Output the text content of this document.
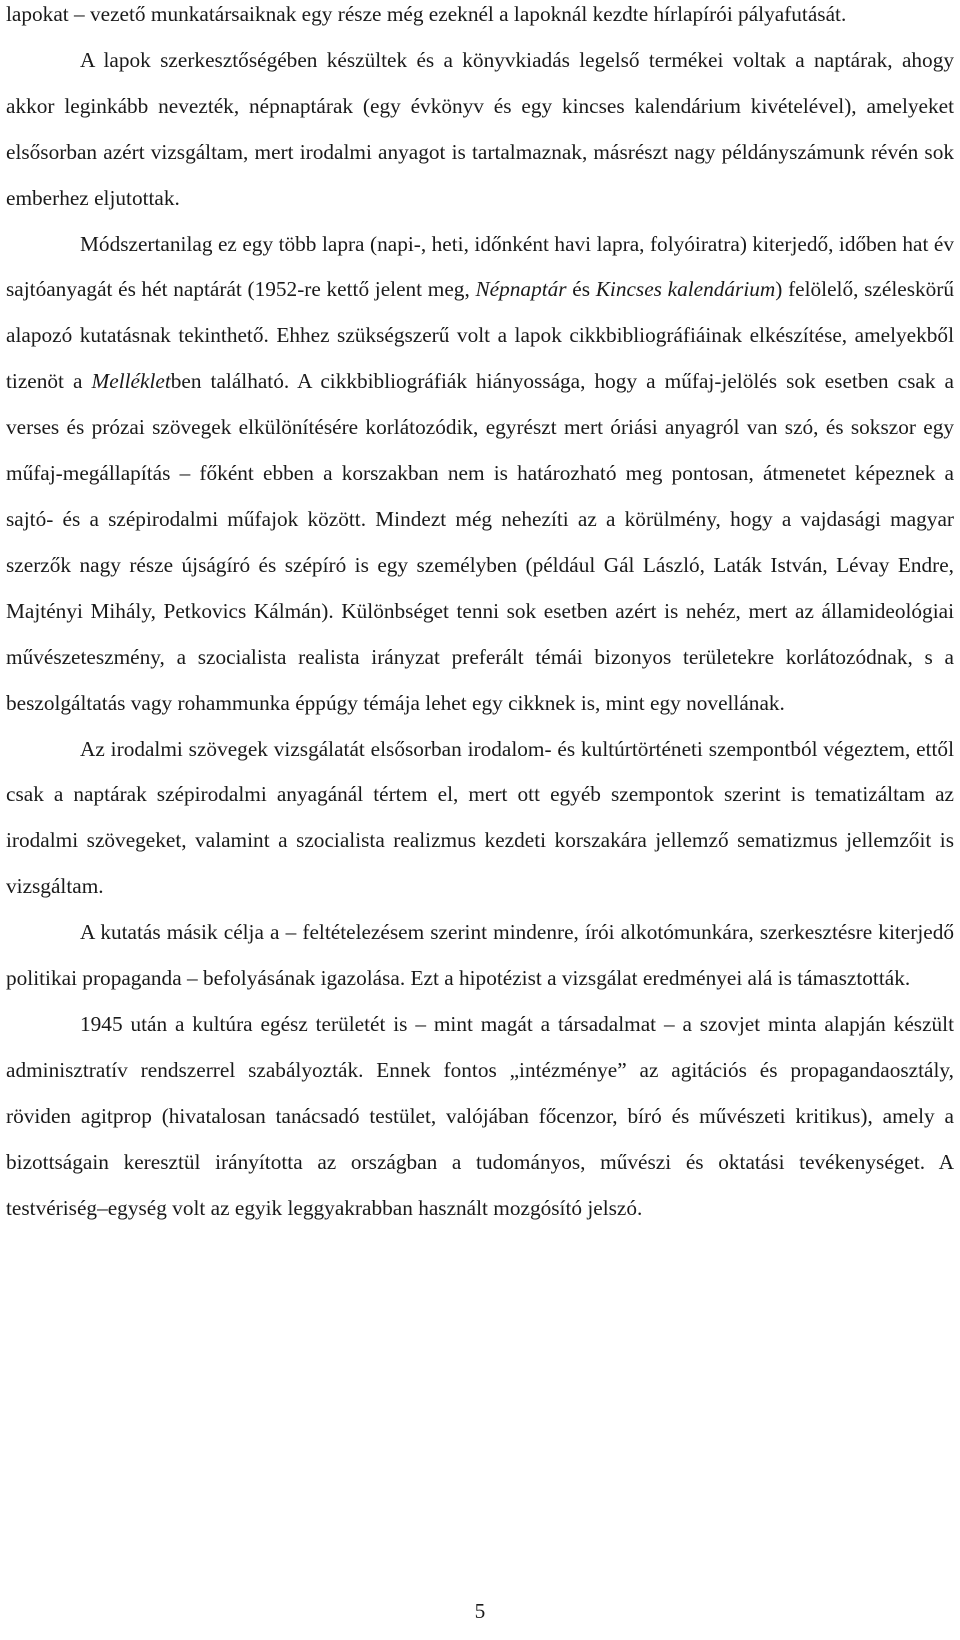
lapokat – vezető munkatársaiknak egy része még ezeknél a lapoknál kezdte hírlapírói pályafutását.

A lapok szerkesztőségében készültek és a könyvkiadás legelső termékei voltak a naptárak, ahogy akkor leginkább nevezték, népnaptárak (egy évkönyv és egy kincses kalendárium kivételével), amelyeket elsősorban azért vizsgáltam, mert irodalmi anyagot is tartalmaznak, másrészt nagy példányszámunk révén sok emberhez eljutottak.

Módszertanilag ez egy több lapra (napi-, heti, időnként havi lapra, folyóiratra) kiterjedő, időben hat év sajtóanyagát és hét naptárát (1952-re kettő jelent meg, Népnaptár és Kincses kalendárium) felölelő, széleskörű alapozó kutatásnak tekinthető. Ehhez szükségszerű volt a lapok cikkbibliográfiáinak elkészítése, amelyekből tizenöt a Mellékletben található. A cikkbibliográfiák hiányossága, hogy a műfaj-jelölés sok esetben csak a verses és prózai szövegek elkülönítésére korlátozódik, egyrészt mert óriási anyagról van szó, és sokszor egy műfaj-megállapítás – főként ebben a korszakban nem is határozható meg pontosan, átmenetet képeznek a sajtó- és a szépirodalmi műfajok között. Mindezt még nehezíti az a körülmény, hogy a vajdasági magyar szerzők nagy része újságíró és szépíró is egy személyben (például Gál László, Laták István, Lévay Endre, Majtényi Mihály, Petkovics Kálmán). Különbséget tenni sok esetben azért is nehéz, mert az államideológiai művészeteszmény, a szocialista realista irányzat preferált témái bizonyos területekre korlátozódnak, s a beszolgáltatás vagy rohammunka éppúgy témája lehet egy cikknek is, mint egy novellának.

Az irodalmi szövegek vizsgálatát elsősorban irodalom- és kultúrtörténeti szempontból végeztem, ettől csak a naptárak szépirodalmi anyagánál tértem el, mert ott egyéb szempontok szerint is tematizáltam az irodalmi szövegeket, valamint a szocialista realizmus kezdeti korszakára jellemző sematizmus jellemzőit is vizsgáltam.

A kutatás másik célja a – feltételezésem szerint mindenre, írói alkotómunkára, szerkesztésre kiterjedő politikai propaganda – befolyásának igazolása. Ezt a hipotézist a vizsgálat eredményei alá is támasztották.

1945 után a kultúra egész területét is – mint magát a társadalmat – a szovjet minta alapján készült adminisztratív rendszerrel szabályozták. Ennek fontos „intézménye” az agitációs és propagandaosztály, röviden agitprop (hivatalosan tanácsadó testület, valójában főcenzor, bíró és művészeti kritikus), amely a bizottságain keresztül irányította az országban a tudományos, művészi és oktatási tevékenységet. A testvériség–egység volt az egyik leggyakrabban használt mozgósító jelszó.

5
